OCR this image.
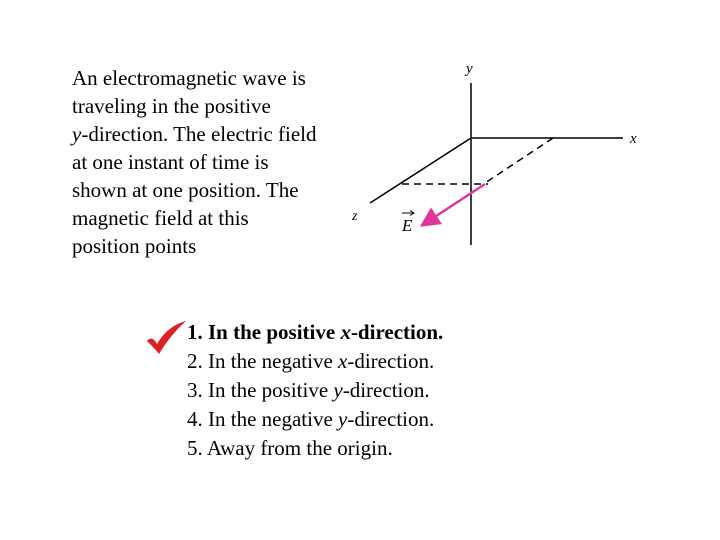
An electromagnetic wave is

traveling in the positive

y-direction. The electric field

at one instant of time is

shown at one position. The

magnetic field at this

position points

y
x
z	E
1. In the positive x-direction.
2. In the negative x-direction.
3. In the positive y-direction.
4. In the negative y-direction.
5. Away from the origin.
